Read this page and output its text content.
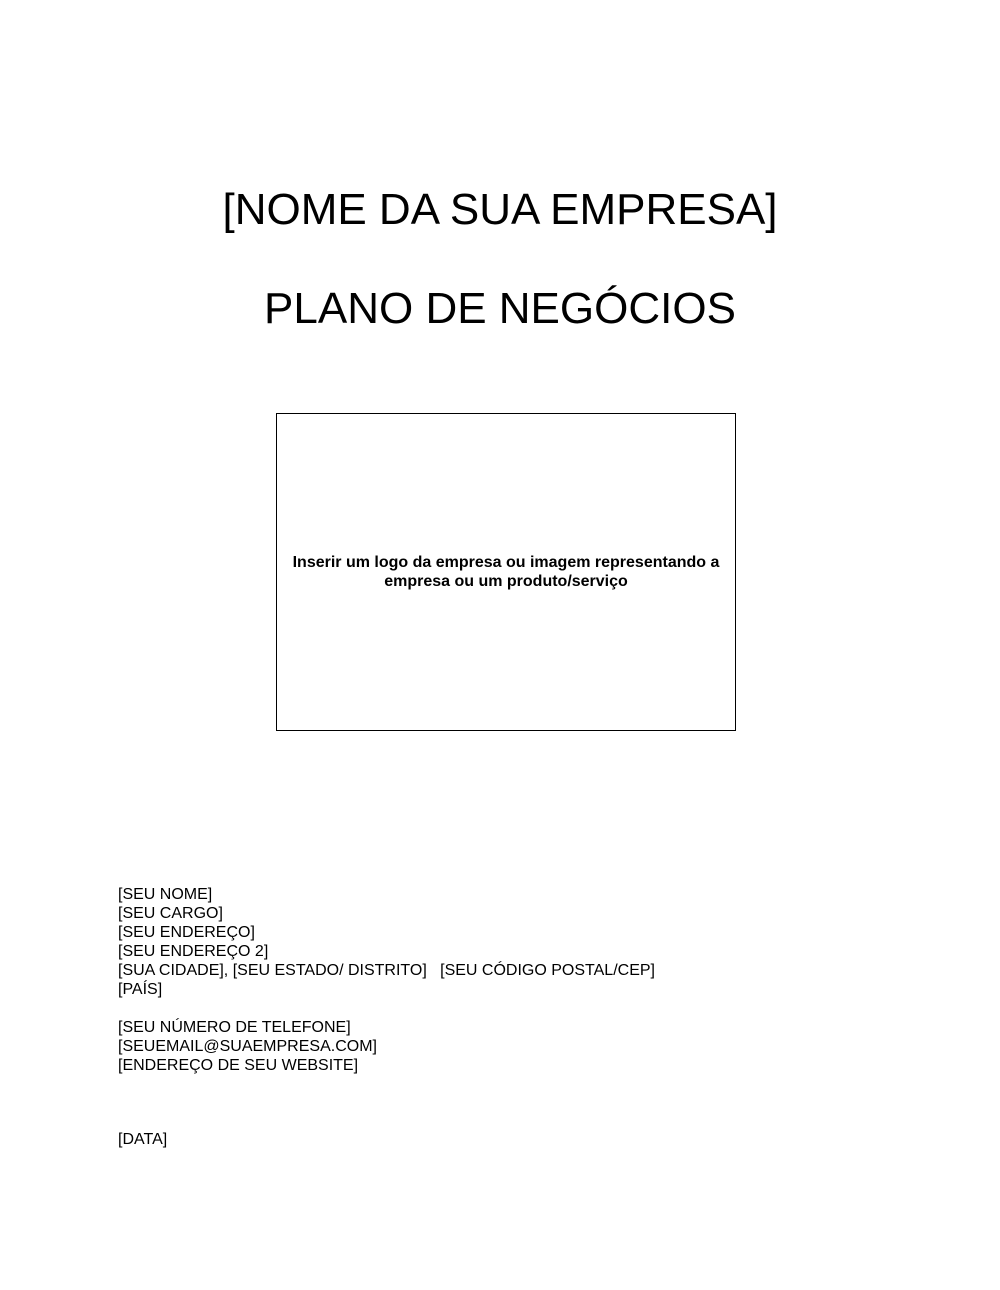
[NOME DA SUA EMPRESA]
PLANO DE NEGÓCIOS
Inserir um logo da empresa ou imagem representando a empresa ou um produto/serviço
[SEU NOME]
[SEU CARGO]
[SEU ENDEREÇO]
[SEU ENDEREÇO 2]
[SUA CIDADE], [SEU ESTADO/ DISTRITO]   [SEU CÓDIGO POSTAL/CEP]
[PAÍS]
[SEU NÚMERO DE TELEFONE]
[SEUEMAIL@SUAEMPRESA.COM]
[ENDEREÇO DE SEU WEBSITE]
[DATA]
